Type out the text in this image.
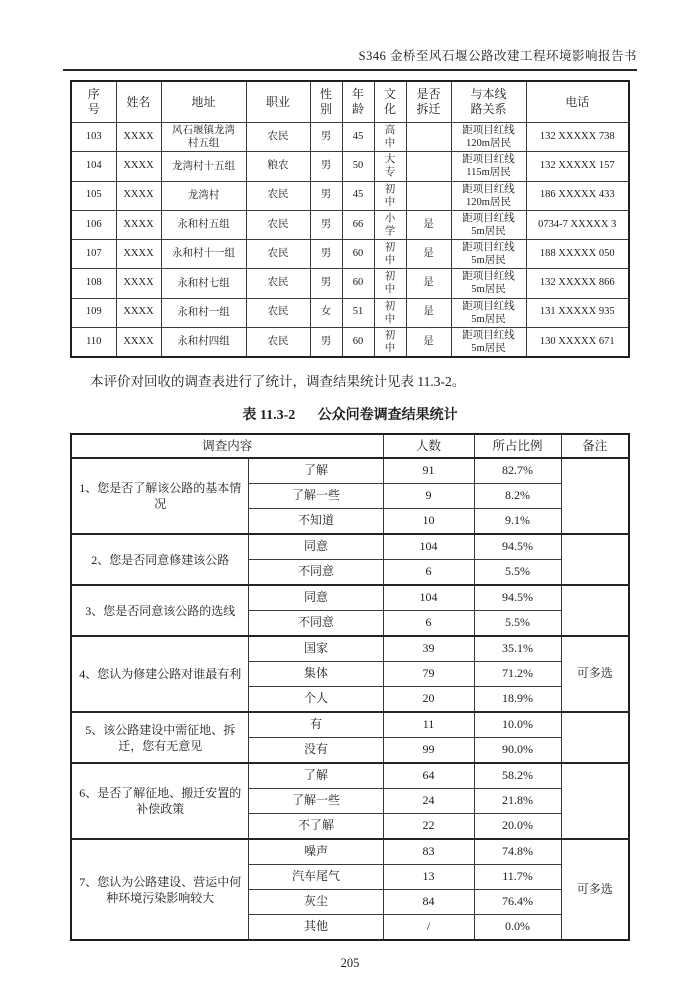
S346 金桥至风石堰公路改建工程环境影响报告书
序号	姓名	地址	职业	性别	年龄	文化	是否拆迁	与本线路关系	电话
103	XXXX	风石堰镇龙湾村五组	农民	男	45	高中		距项目红线120m居民	132 XXXXX 738
104	XXXX	龙湾村十五组	粮农	男	50	大专		距项目红线115m居民	132 XXXXX 157
105	XXXX	龙湾村	农民	男	45	初中		距项目红线120m居民	186 XXXXX 433
106	XXXX	永和村五组	农民	男	66	小学	是	距项目红线5m居民	0734-7 XXXXX 3
107	XXXX	永和村十一组	农民	男	60	初中	是	距项目红线5m居民	188 XXXXX 050
108	XXXX	永和村七组	农民	男	60	初中	是	距项目红线5m居民	132 XXXXX 866
109	XXXX	永和村一组	农民	女	51	初中	是	距项目红线5m居民	131 XXXXX 935
110	XXXX	永和村四组	农民	男	60	初中	是	距项目红线5m居民	130 XXXXX 671
本评价对回收的调查表进行了统计，调查结果统计见表 11.3-2。
表 11.3-2 公众问卷调查结果统计
调查内容		人数	所占比例	备注
1、您是否了解该公路的基本情况	了解	91	82.7%	
	了解一些	9	8.2%	
	不知道	10	9.1%	
2、您是否同意修建该公路	同意	104	94.5%	
	不同意	6	5.5%	
3、您是否同意该公路的选线	同意	104	94.5%	
	不同意	6	5.5%	
4、您认为修建公路对谁最有利	国家	39	35.1%	可多选
	集体	79	71.2%	
	个人	20	18.9%	
5、该公路建设中需征地、拆迁，您有无意见	有	11	10.0%	
	没有	99	90.0%	
6、是否了解征地、搬迁安置的补偿政策	了解	64	58.2%	
	了解一些	24	21.8%	
	不了解	22	20.0%	
7、您认为公路建设、营运中何种环境污染影响较大	噪声	83	74.8%	可多选
	汽车尾气	13	11.7%	
	灰尘	84	76.4%	
	其他	/	0.0%	
205
